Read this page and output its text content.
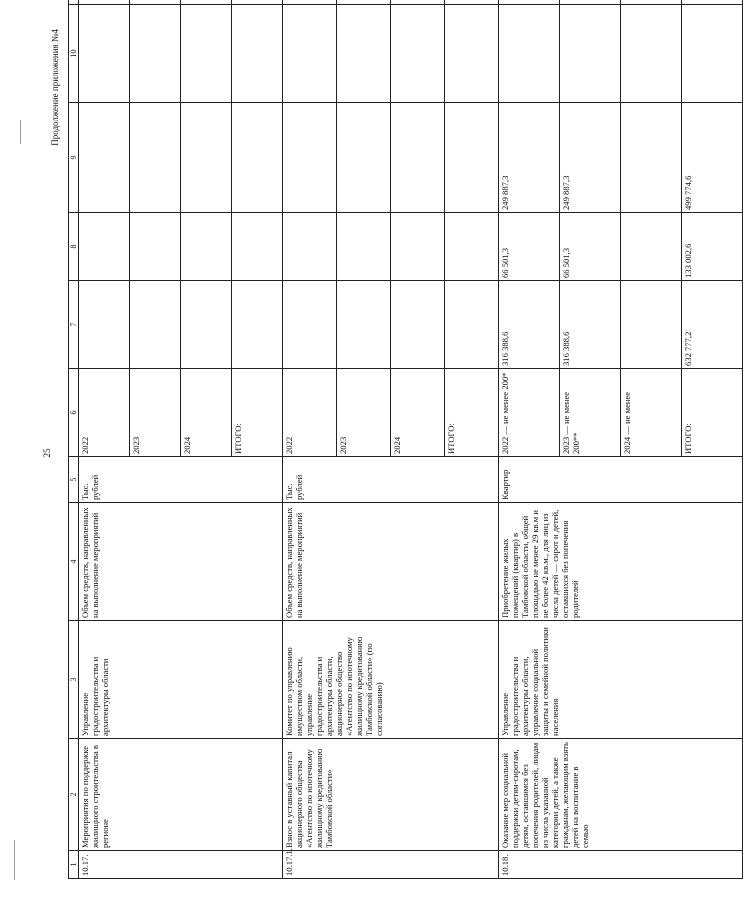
25
Продолжение приложения №4
1	2	3	4	5	6	7	8	9	10	
10.17.	Мероприятия по поддержке жилищного строительства в регионе	Управление градостроительства и архитектуры области	Объем средств, направленных на выполнение мероприятий	Тыс. рублей	2022					
					2023					
					2024					
					ИТОГО:					
10.17.1.	Взнос в уставный капитал акционерного общества «Агентство по ипотечному жилищному кредитованию Тамбовской области»	Комитет по управлению имуществом области, управление градостроительства и архитектуры области, акционерное общество «Агентство по ипотечному жилищному кредитованию Тамбовской области» (по согласованию)	Объем средств, направленных на выполнение мероприятий	Тыс. рублей	2022					
					2023					
					2024					
					ИТОГО:					
10.18.	Оказание мер социальной поддержки детям-сиротам, детям, оставшимся без попечения родителей, лицам из числа указанной категории детей, а также гражданам, желающим взять детей на воспитание в семью	Управление градостроительства и архитектуры области, управление социальной защиты и семейной политики населения	Приобретение жилых помещений (квартир) в Тамбовской области, общей площадью не менее 29 кв.м и не более 42 кв.м., для лиц из числа детей — сирот и детей, оставшихся без попечения родителей	Квартир	2022 — не менее 200*	316 388,6	66 501,3	249 887,3		
					2023 — не менее 200**	316 388,6	66 501,3	249 887,3		
					2024 — не менее					
					ИТОГО:	632 777,2	133 002,6	499 774,6		
